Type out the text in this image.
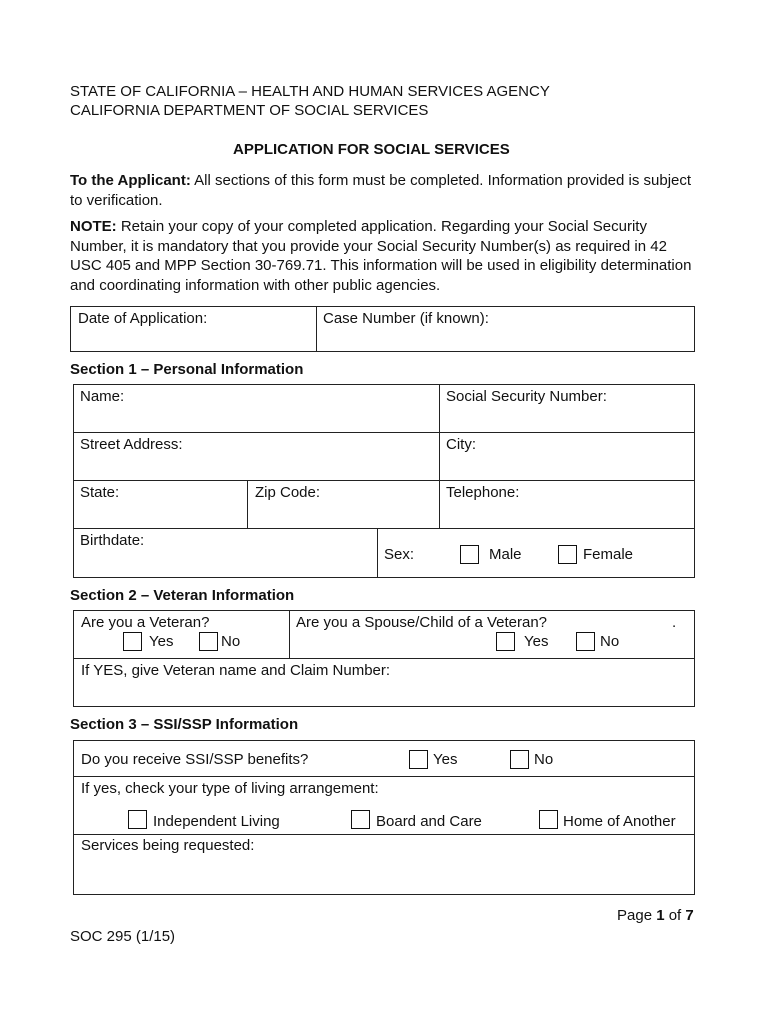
STATE OF CALIFORNIA – HEALTH AND HUMAN SERVICES AGENCY
CALIFORNIA DEPARTMENT OF SOCIAL SERVICES
APPLICATION FOR SOCIAL SERVICES
To the Applicant: All sections of this form must be completed. Information provided is subject to verification.
NOTE: Retain your copy of your completed application. Regarding your Social Security Number, it is mandatory that you provide your Social Security Number(s) as required in 42 USC 405 and MPP Section 30-769.71. This information will be used in eligibility determination and coordinating information with other public agencies.
Date of Application:	Case Number (if known):
Section 1 – Personal Information
Name:	Social Security Number:
Street Address:	City:
State:	Zip Code:	Telephone:
Birthdate:
Sex:	Male	Female
Section 2 – Veteran Information
Are you a Veteran?
Yes	No
Are you a Spouse/Child of a Veteran?	.
Yes	No
If YES, give Veteran name and Claim Number:
Section 3 – SSI/SSP Information
Do you receive SSI/SSP benefits?	Yes	No
If yes, check your type of living arrangement:
Independent Living	Board and Care	Home of Another
Services being requested:
Page 1 of 7
SOC 295 (1/15)
